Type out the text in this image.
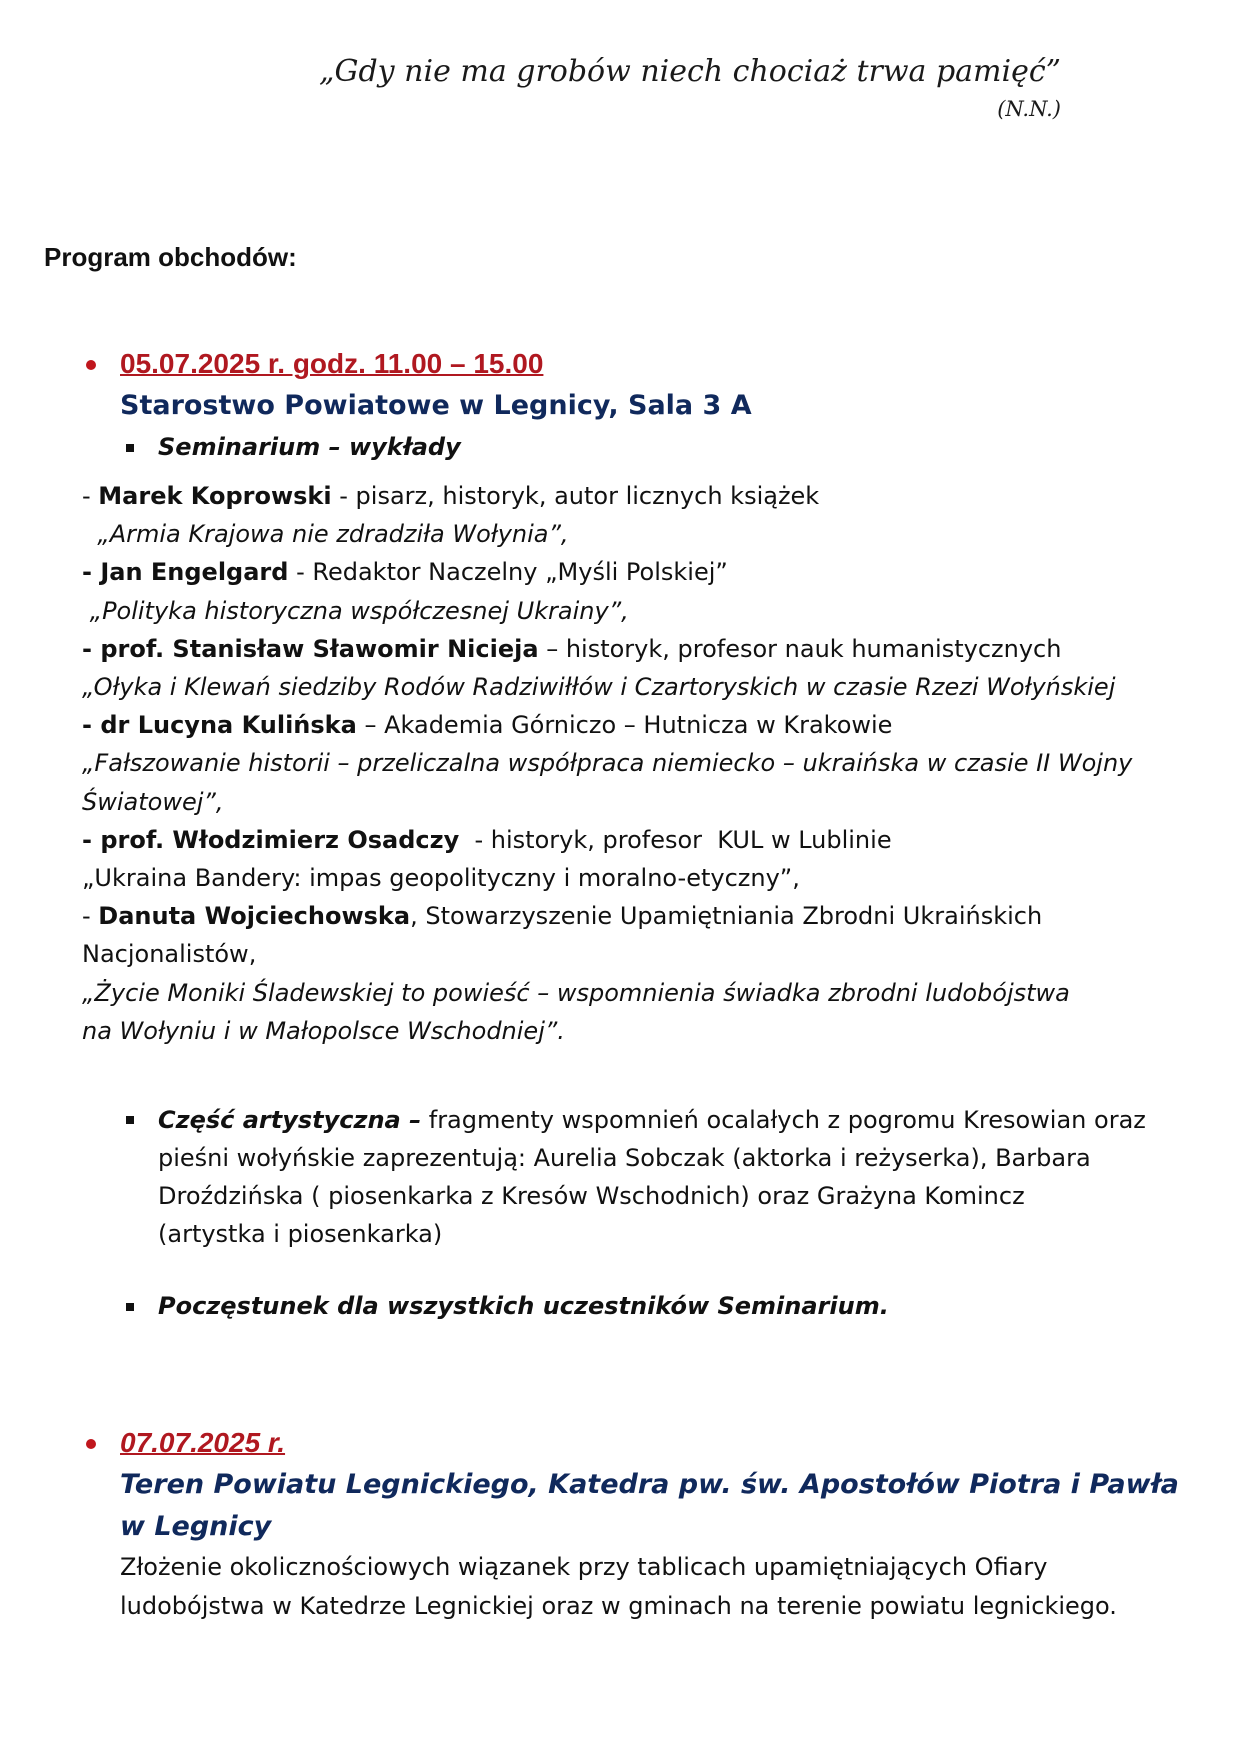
„Gdy nie ma grobów niech chociaż trwa pamięć”
(N.N.)
Program obchodów:
05.07.2025 r. godz. 11.00 – 15.00
Starostwo Powiatowe w Legnicy, Sala 3 A
Seminarium – wykłady
- Marek Koprowski - pisarz, historyk, autor licznych książek
„Armia Krajowa nie zdradziła Wołynia”,
- Jan Engelgard - Redaktor Naczelny „Myśli Polskiej”
„Polityka historyczna współczesnej Ukrainy”,
- prof. Stanisław Sławomir Nicieja – historyk, profesor nauk humanistycznych
„Ołyka i Klewań siedziby Rodów Radziwiłłów i Czartoryskich w czasie Rzezi Wołyńskiej
- dr Lucyna Kulińska – Akademia Górniczo – Hutnicza w Krakowie
„Fałszowanie historii – przeliczalna współpraca niemiecko – ukraińska w czasie II Wojny
Światowej”,
- prof. Włodzimierz Osadczy  - historyk, profesor  KUL w Lublinie
„Ukraina Bandery: impas geopolityczny i moralno-etyczny”,
- Danuta Wojciechowska, Stowarzyszenie Upamiętniania Zbrodni Ukraińskich
Nacjonalistów,
„Życie Moniki Śladewskiej to powieść – wspomnienia świadka zbrodni ludobójstwa
na Wołyniu i w Małopolsce Wschodniej”.
Część artystyczna – fragmenty wspomnień ocalałych z pogromu Kresowian oraz
pieśni wołyńskie zaprezentują: Aurelia Sobczak (aktorka i reżyserka), Barbara
Droździńska ( piosenkarka z Kresów Wschodnich) oraz Grażyna Komincz
(artystka i piosenkarka)
Poczęstunek dla wszystkich uczestników Seminarium.
07.07.2025 r.
Teren Powiatu Legnickiego, Katedra pw. św. Apostołów Piotra i Pawła
w Legnicy
Złożenie okolicznościowych wiązanek przy tablicach upamiętniających Ofiary
ludobójstwa w Katedrze Legnickiej oraz w gminach na terenie powiatu legnickiego.
